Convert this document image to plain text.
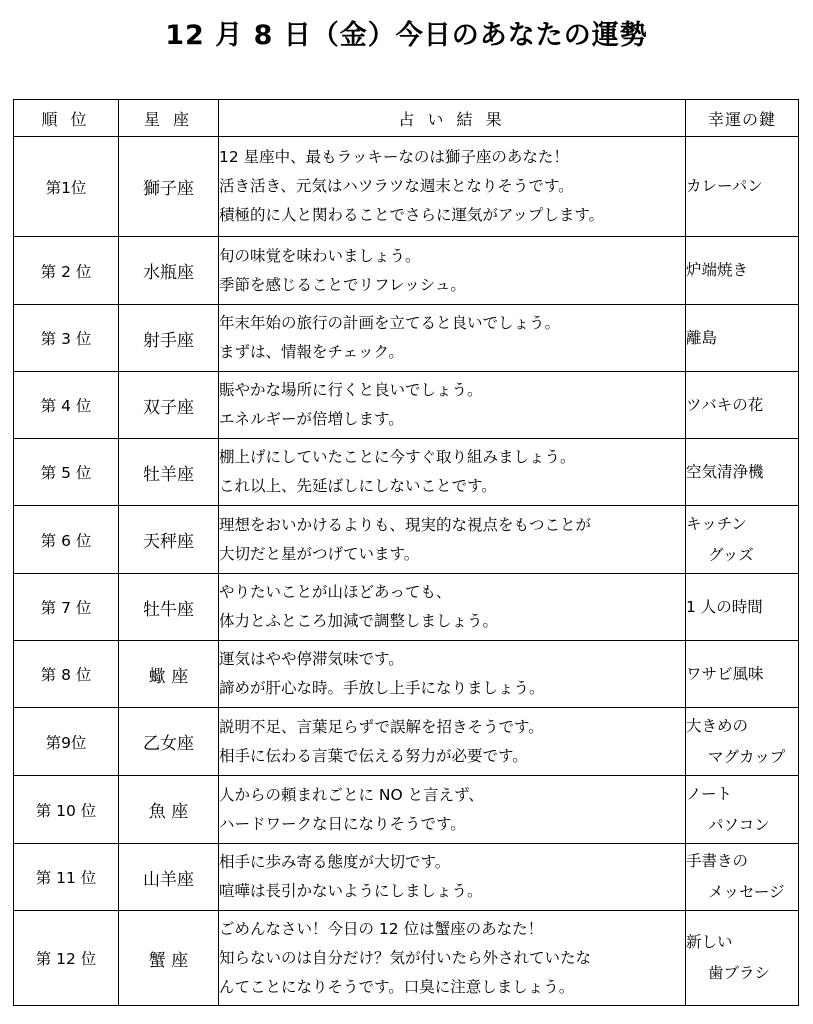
12 月 8 日（金）今日のあなたの運勢
順 位	星 座	占 い 結 果	幸運の鍵
第1位	獅子座	12 星座中、最もラッキーなのは獅子座のあなた！
活き活き、元気はハツラツな週末となりそうです。
積極的に人と関わることでさらに運気がアップします。	カレーパン

第 2 位	水瓶座	旬の味覚を味わいましょう。
季節を感じることでリフレッシュ。	炉端焼き

第 3 位	射手座	年末年始の旅行の計画を立てると良いでしょう。
まずは、情報をチェック。	離島

第 4 位	双子座	賑やかな場所に行くと良いでしょう。
エネルギーが倍増します。	ツバキの花

第 5 位	牡羊座	棚上げにしていたことに今すぐ取り組みましょう。
これ以上、先延ばしにしないことです。	空気清浄機

第 6 位	天秤座	理想をおいかけるよりも、現実的な視点をもつことが
大切だと星がつげています。	キッチン
グッズ

第 7 位	牡牛座	やりたいことが山ほどあっても、
体力とふところ加減で調整しましょう。	1 人の時間

第 8 位	蠍 座	運気はやや停滞気味です。
諦めが肝心な時。手放し上手になりましょう。	ワサビ風味

第9位	乙女座	説明不足、言葉足らずで誤解を招きそうです。
相手に伝わる言葉で伝える努力が必要です。	大きめの
マグカップ

第 10 位	魚 座	人からの頼まれごとに NO と言えず、
ハードワークな日になりそうです。	ノート
パソコン

第 11 位	山羊座	相手に歩み寄る態度が大切です。
喧嘩は長引かないようにしましょう。	手書きの
メッセージ

第 12 位	蟹 座	ごめんなさい！今日の 12 位は蟹座のあなた！
知らないのは自分だけ？気が付いたら外されていたな
んてことになりそうです。口臭に注意しましょう。	新しい
歯ブラシ
